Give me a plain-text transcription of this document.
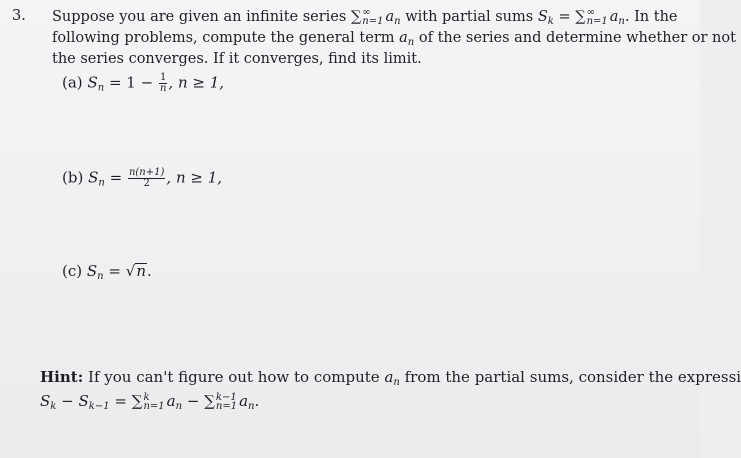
3. Suppose you are given an infinite series ∑ ∞
n=1 $a_n$ with partial sums $S_k$ = ∑ ∞
n=1 $a_n$. In the
following problems, compute the general term $a_n$ of the series and determine whether or not
the series converges. If it converges, find its limit.
(a) $S_n = 1 - \frac{1}{n}$ , n ≥ 1,
(b) $S_n = \frac{n(n+1)}{2}$ , n ≥ 1,
(c) $S_n = √n$.
Hint: If you can't figure out how to compute $a_n$ from the partial sums, consider the expressi
$S_k - S_{k-1}$ = ∑ k
n=1 $a_n$ − ∑ k−1
n=1 $a_n$.
